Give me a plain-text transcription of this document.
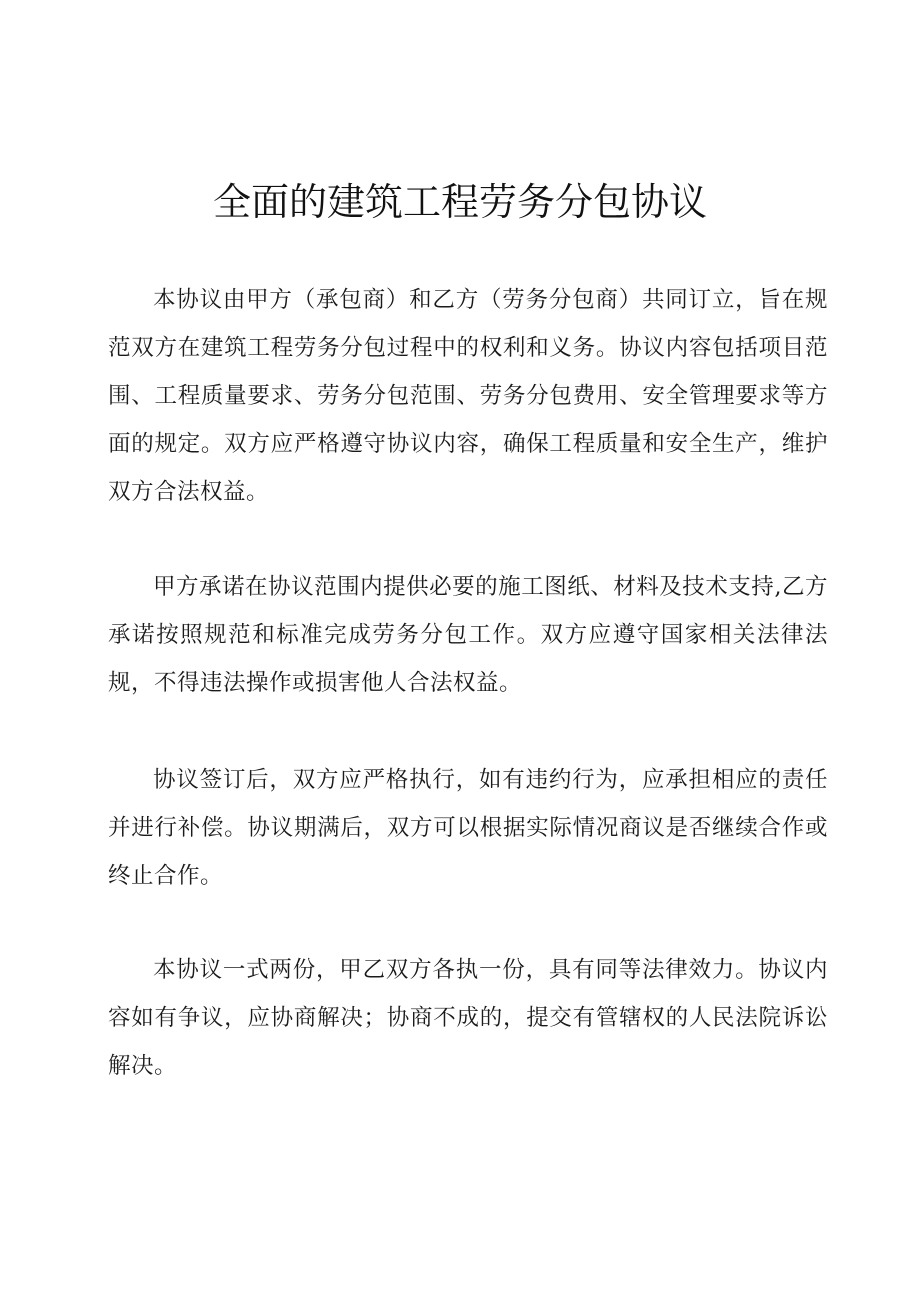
全面的建筑工程劳务分包协议

本协议由甲方（承包商）和乙方（劳务分包商）共同订立，旨在规范双方在建筑工程劳务分包过程中的权利和义务。协议内容包括项目范围、工程质量要求、劳务分包范围、劳务分包费用、安全管理要求等方面的规定。双方应严格遵守协议内容，确保工程质量和安全生产，维护双方合法权益。

甲方承诺在协议范围内提供必要的施工图纸、材料及技术支持,乙方承诺按照规范和标准完成劳务分包工作。双方应遵守国家相关法律法规，不得违法操作或损害他人合法权益。

协议签订后，双方应严格执行，如有违约行为，应承担相应的责任并进行补偿。协议期满后，双方可以根据实际情况商议是否继续合作或终止合作。

本协议一式两份，甲乙双方各执一份，具有同等法律效力。协议内容如有争议，应协商解决；协商不成的，提交有管辖权的人民法院诉讼解决。
